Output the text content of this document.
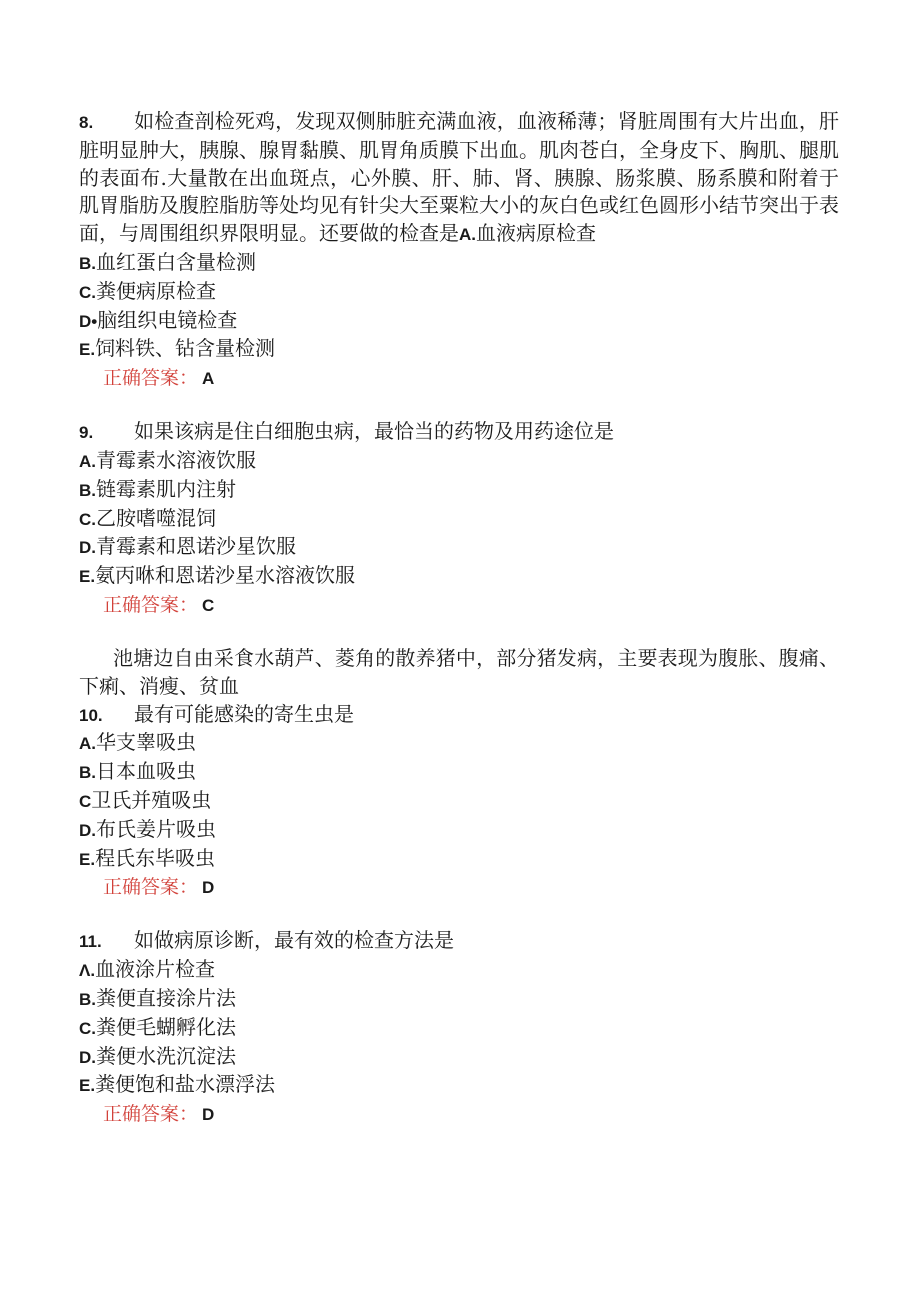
8. 如检查剖检死鸡，发现双侧肺脏充满血液，血液稀薄；肾脏周围有大片出血，肝脏明显肿大，胰腺、腺胃黏膜、肌胃角质膜下出血。肌肉苍白，全身皮下、胸肌、腿肌的表面布.大量散在出血斑点，心外膜、肝、肺、肾、胰腺、肠浆膜、肠系膜和附着于肌胃脂肪及腹腔脂肪等处均见有针尖大至粟粒大小的灰白色或红色圆形小结节突出于表面，与周围组织界限明显。还要做的检查是A.血液病原检查
B.血红蛋白含量检测
C.粪便病原检查
D•脑组织电镜检查
E.饲料铁、钻含量检测
正确答案： A
9. 如果该病是住白细胞虫病，最恰当的药物及用药途位是
A.青霉素水溶液饮服
B.链霉素肌内注射
C.乙胺嗜噬混饲
D.青霉素和恩诺沙星饮服
E.氨丙咻和恩诺沙星水溶液饮服
正确答案： C
池塘边自由采食水葫芦、菱角的散养猪中，部分猪发病，主要表现为腹胀、腹痛、下痢、消瘦、贫血
10. 最有可能感染的寄生虫是
A.华支睾吸虫
B.日本血吸虫
C卫氏并殖吸虫
D.布氏姜片吸虫
E.程氏东毕吸虫
正确答案： D
11. 如做病原诊断，最有效的检查方法是
Λ.血液涂片检查
B.粪便直接涂片法
C.粪便毛蝴孵化法
D.粪便水洗沉淀法
E.粪便饱和盐水漂浮法
正确答案： D
